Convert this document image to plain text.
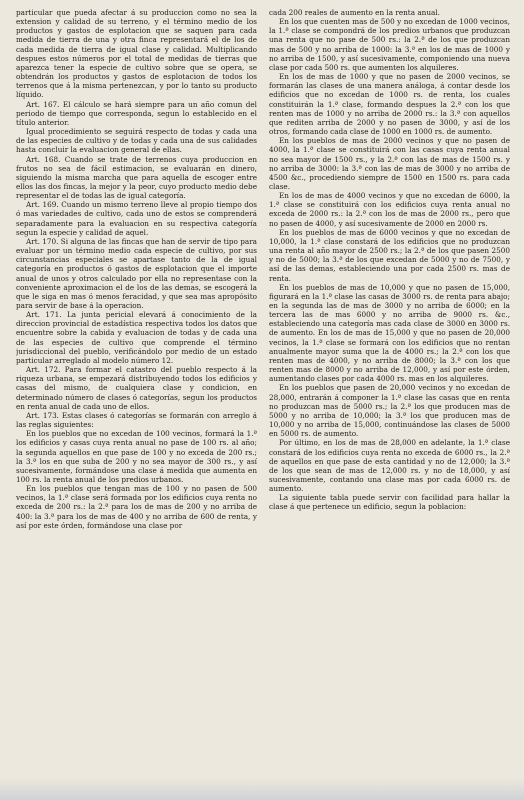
particular que pueda afectar á su produccion como no sea la extension y calidad de su terreno, y el término medio de los productos y gastos de esplotacion que se saquen para cada medida de tierra de una y otra finca representará el de los de cada medida de tierra de igual clase y calidad. Multiplicando despues estos números por el total de medidas de tierras que aparezca tener la especie de cultivo sobre que se opera, se obtendrán los productos y gastos de esplotacion de todos los terrenos que á la misma pertenezcan, y por lo tanto su producto líquido.

Art. 167. El cálculo se hará siempre para un año comun del periodo de tiempo que corresponda, segun lo establecido en el título anterior.

Igual procedimiento se seguirá respecto de todas y cada una de las especies de cultivo y de todas y cada una de sus calidades hasta concluir la evaluacion general de ellas.

Art. 168. Cuando se trate de terrenos cuya produccion en frutos no sea de fácil estimacion, se evaluarán en dinero, siguiendo la misma marcha que para aquella de escoger entre ellos las dos fincas, la mejor y la peor, cuyo producto medio debe representar el de todas las de igual categoría.

Art. 169. Cuando un mismo terreno lleve al propio tiempo dos ó mas variedades de cultivo, cada uno de estos se comprenderá separadamente para la evaluacion en su respectiva categoría segun la especie y calidad de aquel.

Art. 170. Si alguna de las fincas que han de servir de tipo para evaluar por un término medio cada especie de cultivo, por sus circunstancias especiales se apartase tanto de la de igual categoría en productos ó gastos de esplotacion que el importe anual de unos y otros calculado por ella no representase con la conveniente aproximacion el de los de las demas, se escogerá la que le siga en mas ó menos feracidad, y que sea mas apropósito para servir de base á la operacion.

Art. 171. La junta pericial elevará á conocimiento de la direccion provincial de estadística respectiva todos los datos que encuentre sobre la cabida y evaluacion de todas y de cada una de las especies de cultivo que comprende el término jurisdiccional del pueblo, verificándolo por medio de un estado particular arreglado al modelo número 12.

Art. 172. Para formar el catastro del pueblo respecto á la riqueza urbana, se empezará distribuyendo todos los edificios y casas del mismo, de cualquiera clase y condicion, en determinado número de clases ó categorías, segun los productos en renta anual de cada uno de ellos.

Art. 173. Estas clases ó categorías se formarán con arreglo á las reglas siguientes:

En los pueblos que no excedan de 100 vecinos, formará la 1.ª los edificios y casas cuya renta anual no pase de 100 rs. al año; la segunda aquellos en que pase de 100 y no exceda de 200 rs.; la 3.ª los en que suba de 200 y no sea mayor de 300 rs., y así sucesivamente, formándose una clase á medida que aumenta en 100 rs. la renta anual de los predios urbanos.

En los pueblos que tengan mas de 100 y no pasen de 500 vecinos, la 1.ª clase será formada por los edificios cuya renta no exceda de 200 rs.: la 2.ª para los de mas de 200 y no arriba de 400: la 3.ª para los de mas de 400 y no arriba de 600 de renta, y así por este órden, formándose una clase por

cada 200 reales de aumento en la renta anual.

En los que cuenten mas de 500 y no excedan de 1000 vecinos, la 1.ª clase se compondrá de los predios urbanos que produzcan una renta que no pase de 500 rs.: la 2.ª de los que produzcan mas de 500 y no arriba de 1000: la 3.ª en los de mas de 1000 y no arriba de 1500, y así sucesivamente, componiendo una nueva clase por cada 500 rs. que aumenten los alquileres.

En los de mas de 1000 y que no pasen de 2000 vecinos, se formarán las clases de una manera análoga, á contar desde los edificios que no excedan de 1000 rs. de renta, los cuales constituirán la 1.ª clase, formando despues la 2.ª con los que renten mas de 1000 y no arriba de 2000 rs.: la 3.ª con aquellos que rediten arriba de 2000 y no pasen de 3000, y así de los otros, formando cada clase de 1000 en 1000 rs. de aumento.

En los pueblos de mas de 2000 vecinos y que no pasen de 4000, la 1.ª clase se constituirá con las casas cuya renta anual no sea mayor de 1500 rs., y la 2.ª con las de mas de 1500 rs. y no arriba de 3000: la 3.ª con las de mas de 3000 y no arriba de 4500 &c., procediendo siempre de 1500 en 1500 rs. para cada clase.

En los de mas de 4000 vecinos y que no excedan de 6000, la 1.ª clase se constituirá con los edificios cuya renta anual no exceda de 2000 rs.: la 2.ª con los de mas de 2000 rs., pero que no pasen de 4000, y así sucesivamente de 2000 en 2000 rs.

En los pueblos de mas de 6000 vecinos y que no excedan de 10,000, la 1.ª clase constará de los edificios que no produzcan una renta al año mayor de 2500 rs.; la 2.ª de los que pasen 2500 y no de 5000; la 3.ª de los que excedan de 5000 y no de 7500, y así de las demas, estableciendo una por cada 2500 rs. mas de renta.

En los pueblos de mas de 10,000 y que no pasen de 15,000, figurará en la 1.ª clase las casas de 3000 rs. de renta para abajo; en la segunda las de mas de 3000 y no arriba de 6000; en la tercera las de mas 6000 y no arriba de 9000 rs. &c., estableciendo una categoría mas cada clase de 3000 en 3000 rs. de aumento. En los de mas de 15,000 y que no pasen de 20,000 vecinos, la 1.ª clase se formará con los edificios que no rentan anualmente mayor suma que la de 4000 rs.; la 2.ª con los que renten mas de 4000, y no arriba de 8000; la 3.ª con los que renten mas de 8000 y no arriba de 12,000, y así por este órden, aumentando clases por cada 4000 rs. mas en los alquileres.

En los pueblos que pasen de 20,000 vecinos y no excedan de 28,000, entrarán á componer la 1.ª clase las casas que en renta no produzcan mas de 5000 rs.; la 2.ª los que producen mas de 5000 y no arriba de 10,000; la 3.ª los que producen mas de 10,000 y no arriba de 15,000, continuándose las clases de 5000 en 5000 rs. de aumento.

Por último, en los de mas de 28,000 en adelante, la 1.ª clase constará de los edificios cuya renta no exceda de 6000 rs., la 2.ª de aquellos en que pase de esta cantidad y no de 12,000; la 3.ª de los que sean de mas de 12,000 rs. y no de 18,000, y así sucesivamente, contando una clase mas por cada 6000 rs. de aumento.

La siguiente tabla puede servir con facilidad para hallar la clase á que pertenece un edificio, segun la poblacion:
